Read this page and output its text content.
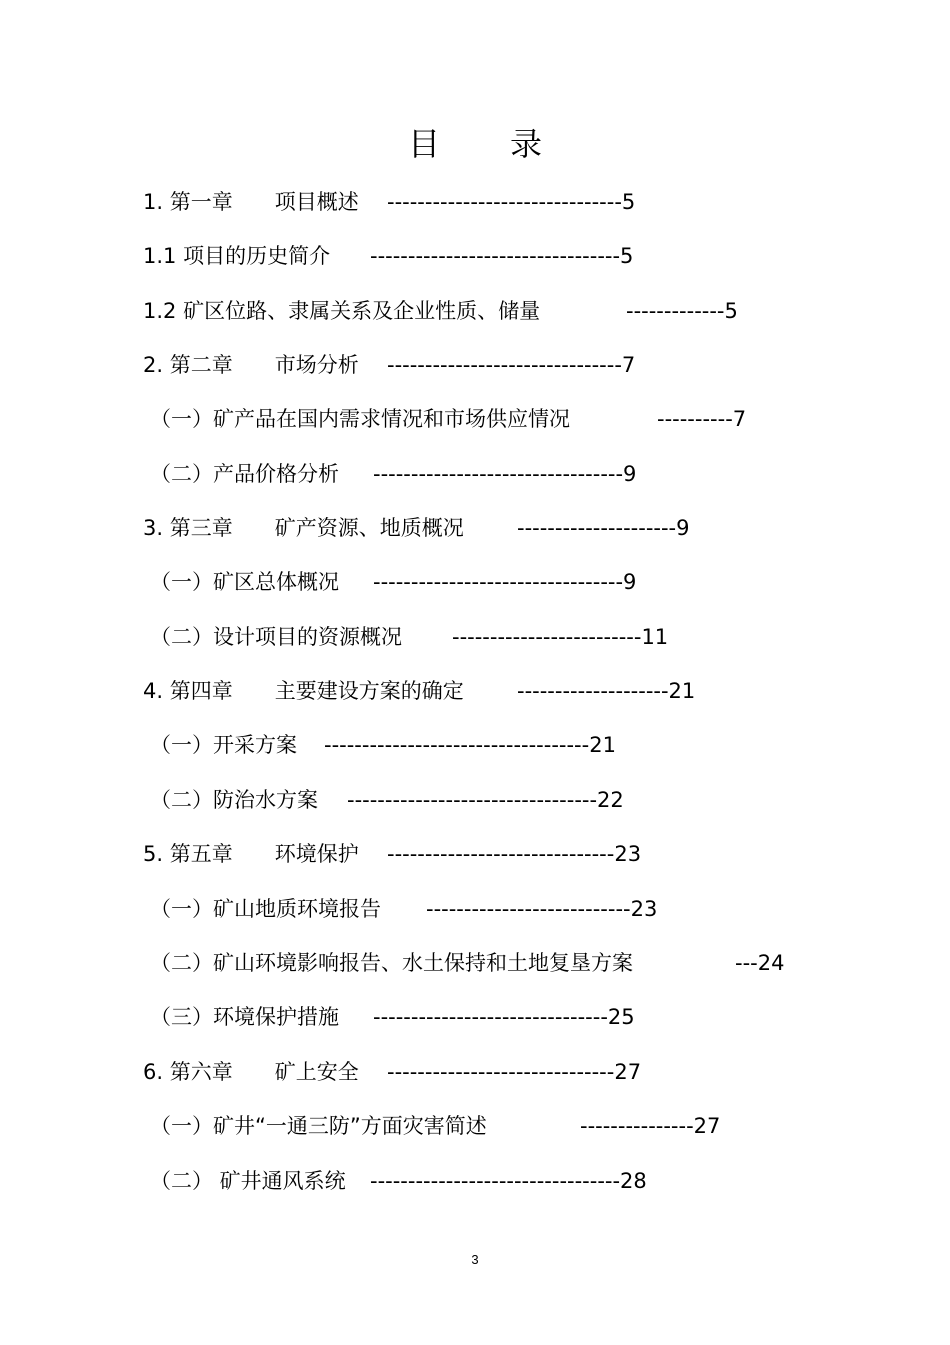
目 录
1. 第一章　　项目概述 -------------------------------5
1.1 项目的历史简介 ---------------------------------5
1.2 矿区位路、隶属关系及企业性质、储量	-------------5
2. 第二章　　市场分析 -------------------------------7
（一）矿产品在国内需求情况和市场供应情况	----------7
（二）产品价格分析 ---------------------------------9
3. 第三章　　矿产资源、地质概况	---------------------9
（一）矿区总体概况 ---------------------------------9
（二）设计项目的资源概况 -------------------------11
4. 第四章　　主要建设方案的确定	--------------------21
（一）开采方案 -----------------------------------21
（二）防治水方案 ---------------------------------22
5. 第五章　　环境保护 ------------------------------23
（一）矿山地质环境报告 ---------------------------23
（二）矿山环境影响报告、水土保持和土地复垦方案	---24
（三）环境保护措施 -------------------------------25
6. 第六章　　矿上安全 ------------------------------27
（一）矿井“一通三防”方面灾害简述	---------------27
（二） 矿井通风系统 ---------------------------------28
3
